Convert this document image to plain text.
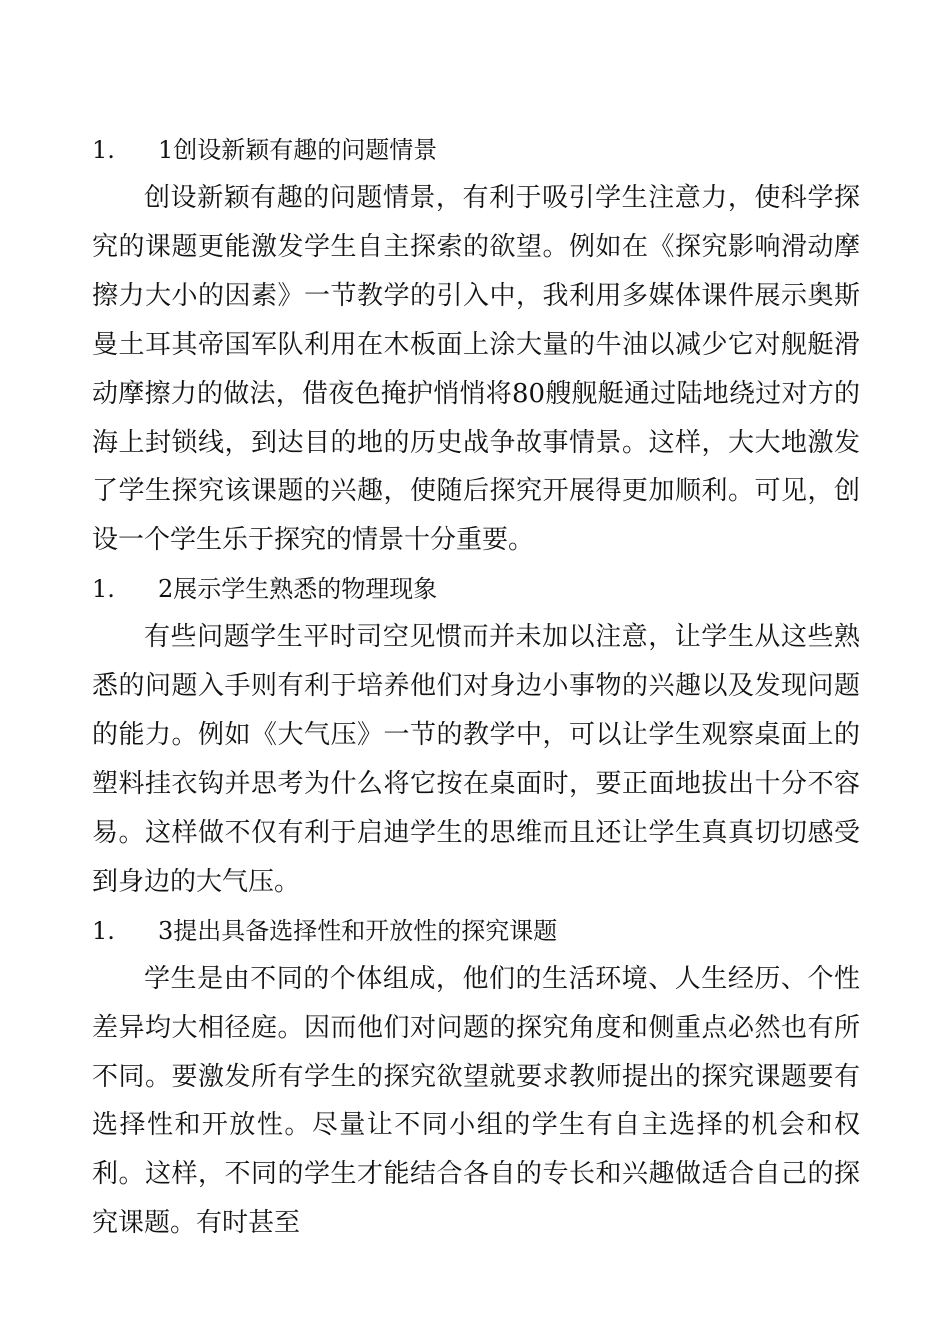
1. 1创设新颖有趣的问题情景

创设新颖有趣的问题情景，有利于吸引学生注意力，使科学探究的课题更能激发学生自主探索的欲望。例如在《探究影响滑动摩擦力大小的因素》一节教学的引入中，我利用多媒体课件展示奥斯曼土耳其帝国军队利用在木板面上涂大量的牛油以减少它对舰艇滑动摩擦力的做法，借夜色掩护悄悄将80艘舰艇通过陆地绕过对方的海上封锁线，到达目的地的历史战争故事情景。这样，大大地激发了学生探究该课题的兴趣，使随后探究开展得更加顺利。可见，创设一个学生乐于探究的情景十分重要。

1. 2展示学生熟悉的物理现象

有些问题学生平时司空见惯而并未加以注意，让学生从这些熟悉的问题入手则有利于培养他们对身边小事物的兴趣以及发现问题的能力。例如《大气压》一节的教学中，可以让学生观察桌面上的塑料挂衣钩并思考为什么将它按在桌面时，要正面地拔出十分不容易。这样做不仅有利于启迪学生的思维而且还让学生真真切切感受到身边的大气压。

1. 3提出具备选择性和开放性的探究课题

学生是由不同的个体组成，他们的生活环境、人生经历、个性差异均大相径庭。因而他们对问题的探究角度和侧重点必然也有所不同。要激发所有学生的探究欲望就要求教师提出的探究课题要有选择性和开放性。尽量让不同小组的学生有自主选择的机会和权利。这样，不同的学生才能结合各自的专长和兴趣做适合自己的探究课题。有时甚至
